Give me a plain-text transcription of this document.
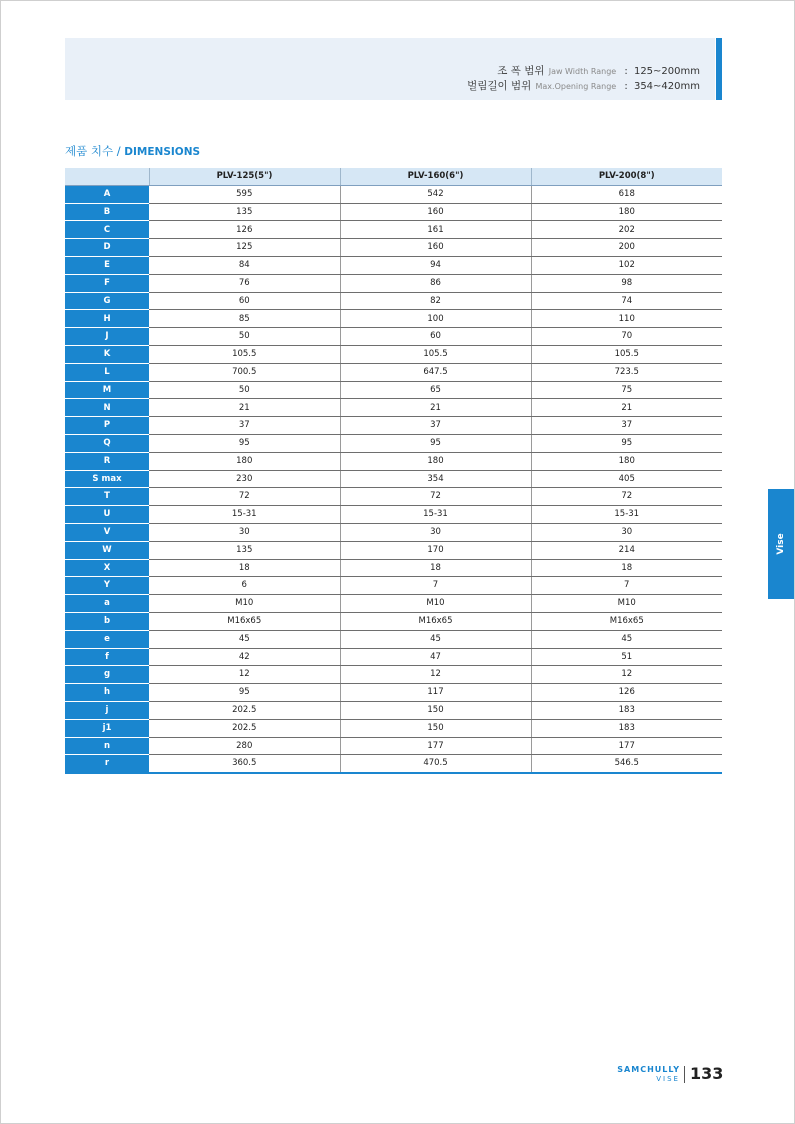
조 폭 범위 Jaw Width Range : 125~200mm
벌림길이 범위 Max.Opening Range : 354~420mm
제품 치수 / DIMENSIONS
	PLV-125(5")	PLV-160(6")	PLV-200(8")
A	595	542	618
B	135	160	180
C	126	161	202
D	125	160	200
E	84	94	102
F	76	86	98
G	60	82	74
H	85	100	110
J	50	60	70
K	105.5	105.5	105.5
L	700.5	647.5	723.5
M	50	65	75
N	21	21	21
P	37	37	37
Q	95	95	95
R	180	180	180
S max	230	354	405
T	72	72	72
U	15-31	15-31	15-31
V	30	30	30
W	135	170	214
X	18	18	18
Y	6	7	7
a	M10	M10	M10
b	M16x65	M16x65	M16x65
e	45	45	45
f	42	47	51
g	12	12	12
h	95	117	126
j	202.5	150	183
j1	202.5	150	183
n	280	177	177
r	360.5	470.5	546.5
Vise
SAMCHULLY
VISE 133
